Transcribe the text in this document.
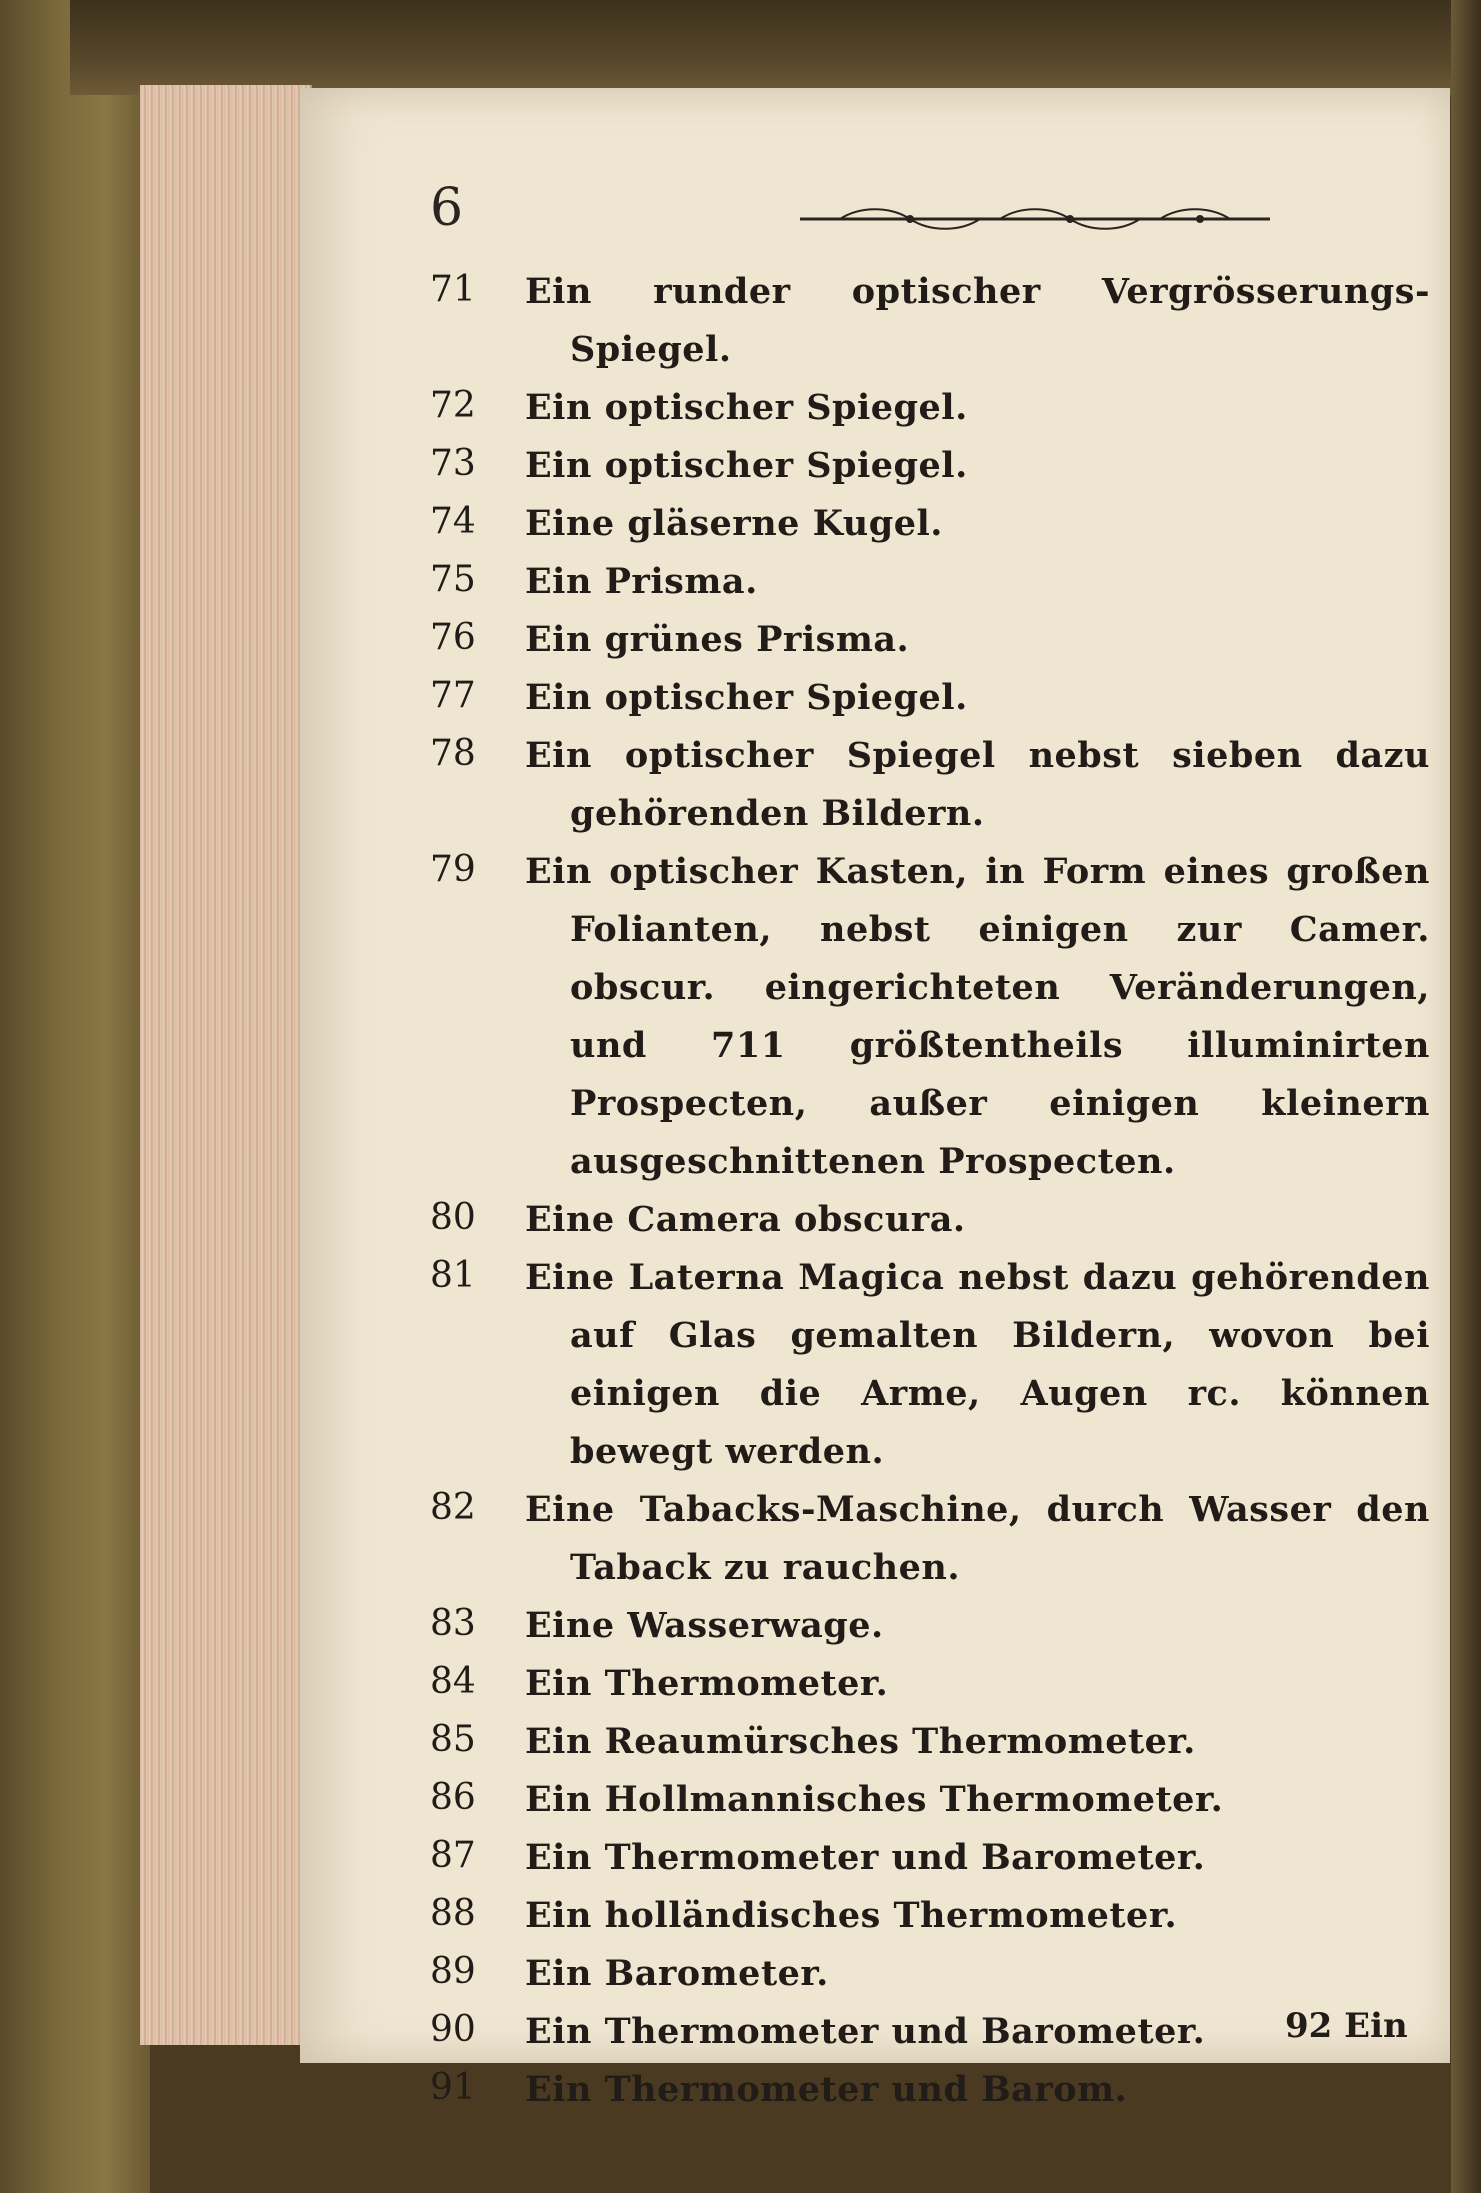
6
71	Ein runder optischer Vergrösserungs-Spiegel.
72	Ein optischer Spiegel.
73	Ein optischer Spiegel.
74	Eine gläserne Kugel.
75	Ein Prisma.
76	Ein grünes Prisma.
77	Ein optischer Spiegel.
78	Ein optischer Spiegel nebst sieben dazu gehörenden Bildern.
79	Ein optischer Kasten, in Form eines großen Folianten, nebst einigen zur Camer. obscur. eingerichteten Veränderungen, und 711 größtentheils illuminirten Prospecten, außer einigen kleinern ausgeschnittenen Prospecten.
80	Eine Camera obscura.
81	Eine Laterna Magica nebst dazu gehörenden auf Glas gemalten Bildern, wovon bei einigen die Arme, Augen rc. können bewegt werden.
82	Eine Tabacks-Maschine, durch Wasser den Taback zu rauchen.
83	Eine Wasserwage.
84	Ein Thermometer.
85	Ein Reaumürsches Thermometer.
86	Ein Hollmannisches Thermometer.
87	Ein Thermometer und Barometer.
88	Ein holländisches Thermometer.
89	Ein Barometer.
90	Ein Thermometer und Barometer.
91	Ein Thermometer und Barom.
92 Ein
